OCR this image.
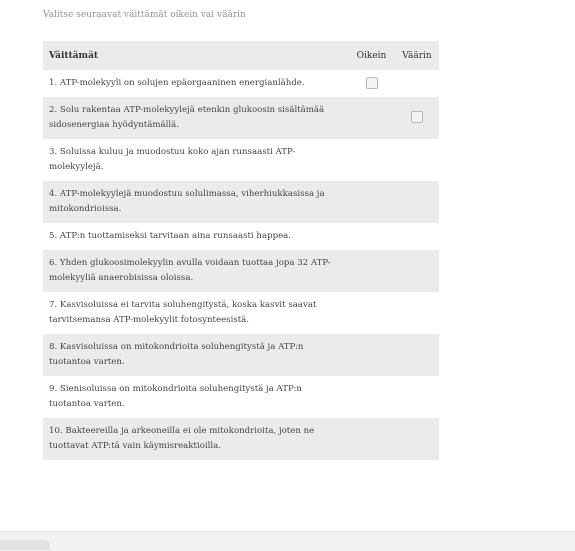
Valitse seuraavat väittämät oikein vai väärin
Väittämät	Oikein	Väärin
1. ATP-molekyyli on solujen epäorgaaninen energianlähde.		
2. Solu rakentaa ATP-molekyylejä etenkin glukoosin sisältämää sidosenergiaa hyödyntämällä.		
3. Soluissa kuluu ja muodostuu koko ajan runsaasti ATP-molekyylejä.		
4. ATP-molekyylejä muodostuu solulimassa, viherhiukkasissa ja mitokondrioissa.		
5. ATP:n tuottamiseksi tarvitaan aina runsaasti happea.		
6. Yhden glukoosimolekyylin avulla voidaan tuottaa jopa 32 ATP-molekyyliä anaerobisissa oloissa.		
7. Kasvisoluissa ei tarvita soluhengitystä, koska kasvit saavat tarvitsemansa ATP-molekyylit fotosynteesistä.		
8. Kasvisoluissa on mitokondrioita soluhengitystä ja ATP:n tuotantoa varten.		
9. Sienisoluissa on mitokondrioita soluhengitystä ja ATP:n tuotantoa varten.		
10. Bakteereilla ja arkeoneilla ei ole mitokondrioita, joten ne tuottavat ATP:tä vain käymisreaktioilla.		
